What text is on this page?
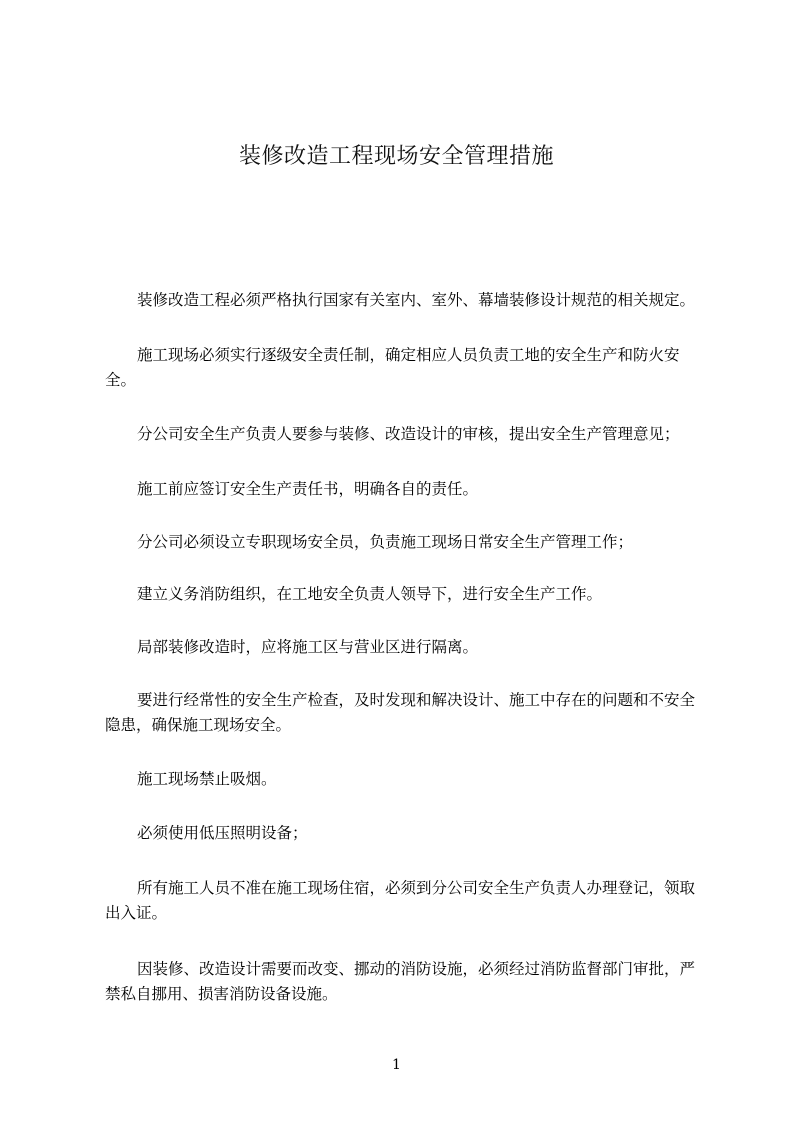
装修改造工程现场安全管理措施

装修改造工程必须严格执行国家有关室内、室外、幕墙装修设计规范的相关规定。

施工现场必须实行逐级安全责任制，确定相应人员负责工地的安全生产和防火安全。

分公司安全生产负责人要参与装修、改造设计的审核，提出安全生产管理意见；

施工前应签订安全生产责任书，明确各自的责任。

分公司必须设立专职现场安全员，负责施工现场日常安全生产管理工作；

建立义务消防组织，在工地安全负责人领导下，进行安全生产工作。

局部装修改造时，应将施工区与营业区进行隔离。

要进行经常性的安全生产检查，及时发现和解决设计、施工中存在的问题和不安全隐患，确保施工现场安全。

施工现场禁止吸烟。

必须使用低压照明设备；

所有施工人员不准在施工现场住宿，必须到分公司安全生产负责人办理登记，领取出入证。

因装修、改造设计需要而改变、挪动的消防设施，必须经过消防监督部门审批，严禁私自挪用、损害消防设备设施。

1
